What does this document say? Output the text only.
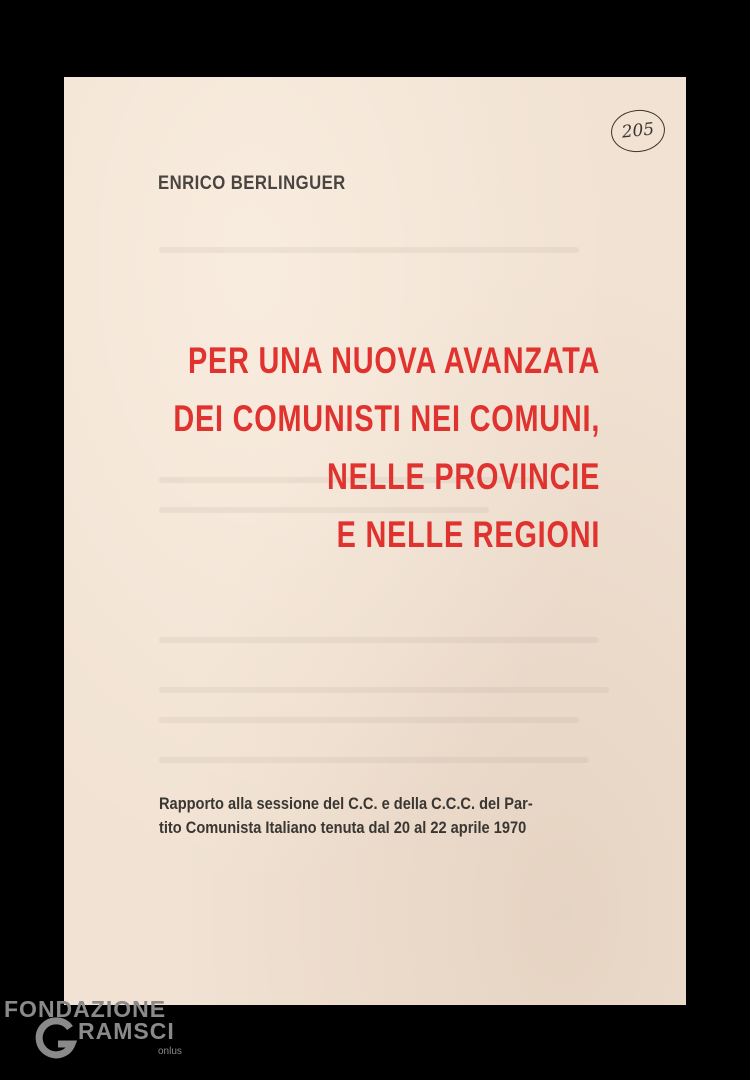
205
ENRICO BERLINGUER
PER UNA NUOVA AVANZATA
DEI COMUNISTI NEI COMUNI,
NELLE PROVINCIE
E NELLE REGIONI
Rapporto alla sessione del C.C. e della C.C.C. del Par-
tito Comunista Italiano tenuta dal 20 al 22 aprile 1970
FONDAZIONE
RAMSCI
onlus
